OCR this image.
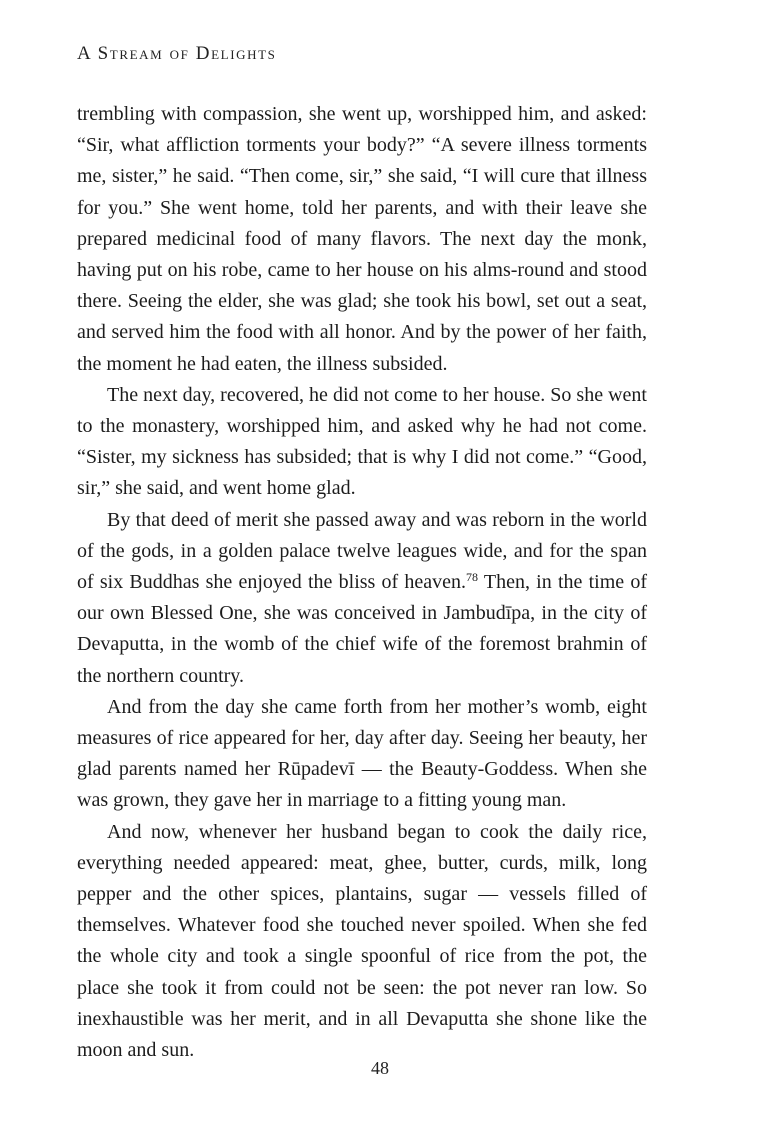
A Stream of Delights

trembling with compassion, she went up, worshipped him, and asked: “Sir, what affliction torments your body?” “A severe illness torments me, sister,” he said. “Then come, sir,” she said, “I will cure that illness for you.” She went home, told her parents, and with their leave she prepared medicinal food of many flavors. The next day the monk, having put on his robe, came to her house on his alms-round and stood there. Seeing the elder, she was glad; she took his bowl, set out a seat, and served him the food with all honor. And by the power of her faith, the moment he had eaten, the illness subsided.

The next day, recovered, he did not come to her house. So she went to the monastery, worshipped him, and asked why he had not come. “Sister, my sickness has subsided; that is why I did not come.” “Good, sir,” she said, and went home glad.

By that deed of merit she passed away and was reborn in the world of the gods, in a golden palace twelve leagues wide, and for the span of six Buddhas she enjoyed the bliss of heaven.$^{78}$ Then, in the time of our own Blessed One, she was conceived in Jambudīpa, in the city of Devaputta, in the womb of the chief wife of the foremost brahmin of the northern country.

And from the day she came forth from her mother’s womb, eight measures of rice appeared for her, day after day. Seeing her beauty, her glad parents named her Rūpadevī — the Beauty-Goddess. When she was grown, they gave her in marriage to a fitting young man.

And now, whenever her husband began to cook the daily rice, everything needed appeared: meat, ghee, butter, curds, milk, long pepper and the other spices, plantains, sugar — vessels filled of themselves. Whatever food she touched never spoiled. When she fed the whole city and took a single spoonful of rice from the pot, the place she took it from could not be seen: the pot never ran low. So inexhaustible was her merit, and in all Devaputta she shone like the moon and sun.

48
